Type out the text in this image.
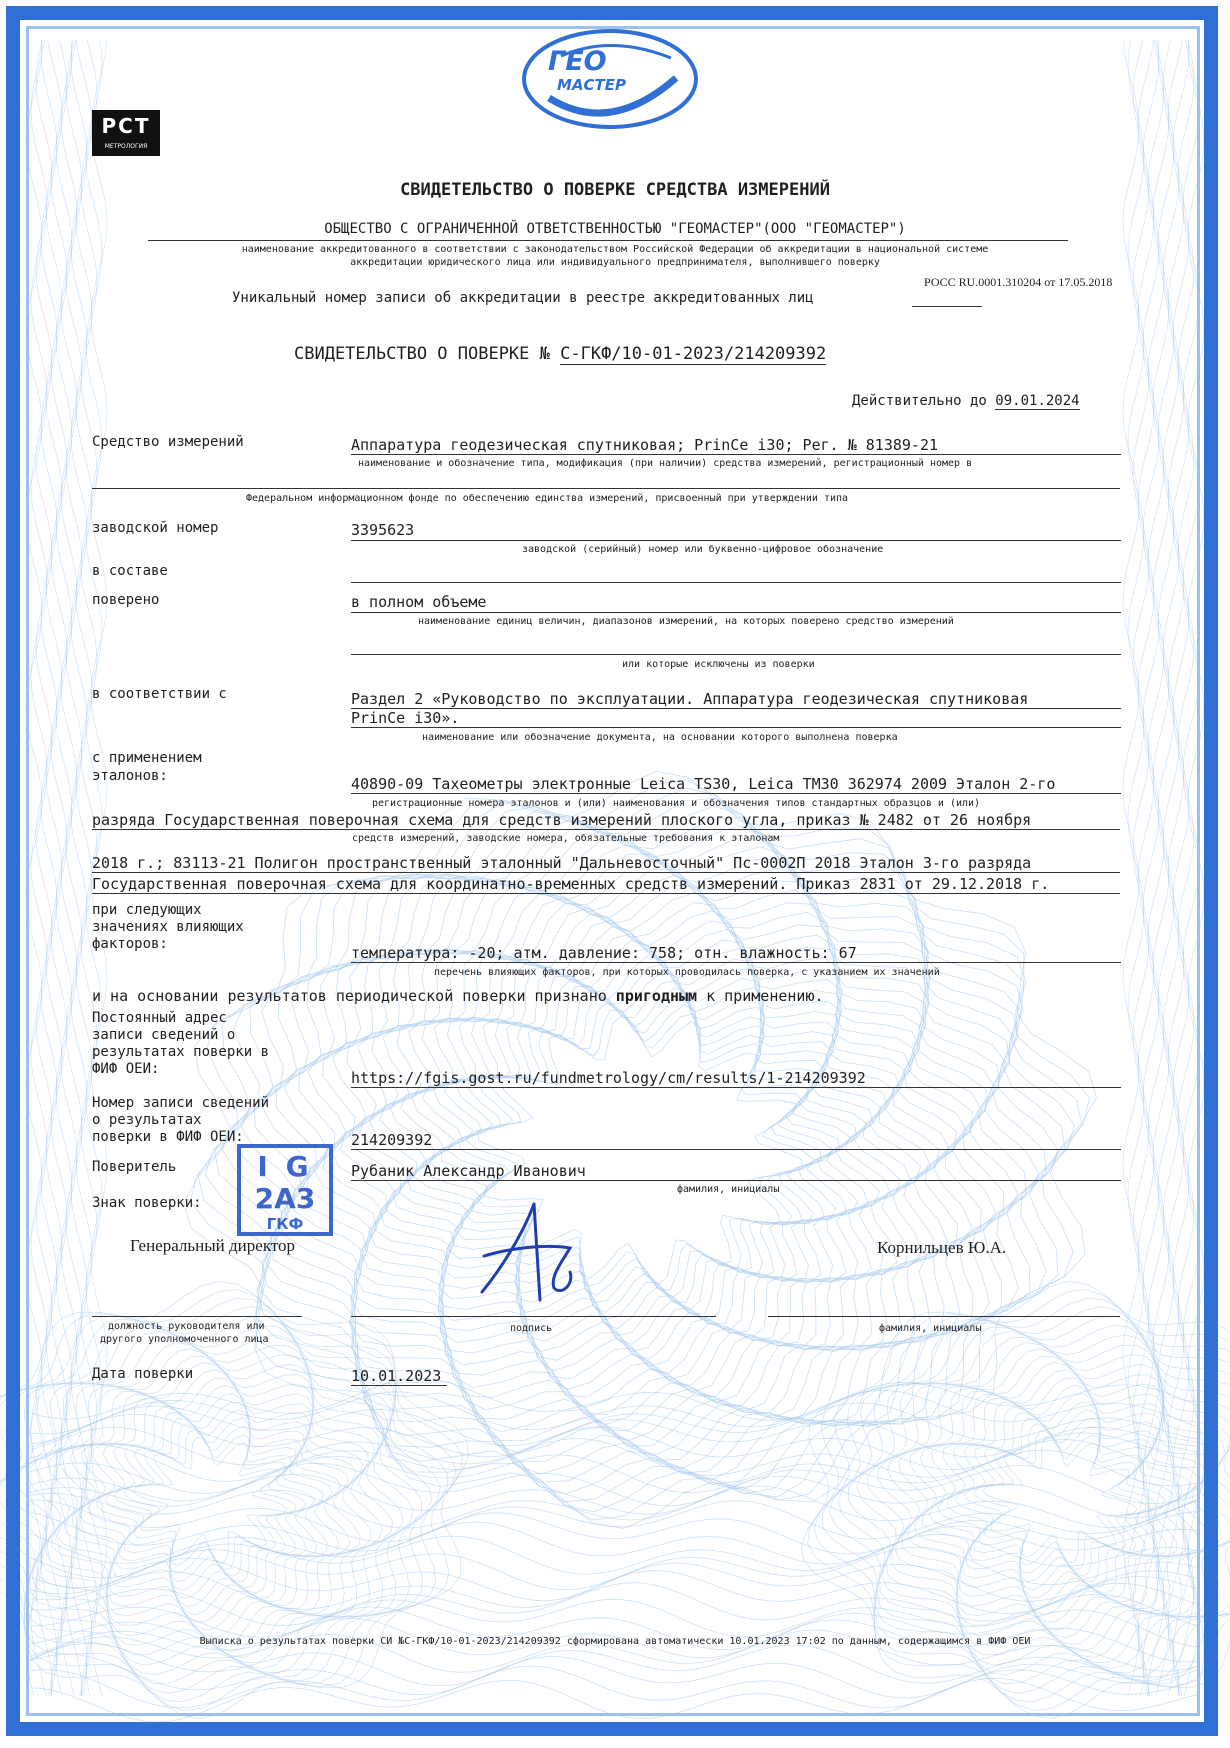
ГЕО
МАСТЕР
РСТ
МЕТРОЛОГИЯ
СВИДЕТЕЛЬСТВО О ПОВЕРКЕ СРЕДСТВА ИЗМЕРЕНИЙ
ОБЩЕСТВО С ОГРАНИЧЕННОЙ ОТВЕТСТВЕННОСТЬЮ "ГЕОМАСТЕР"(ООО "ГЕОМАСТЕР")
наименование аккредитованного в соответствии с законодательством Российской Федерации об аккредитации в национальной системе
аккредитации юридического лица или индивидуального предпринимателя, выполнившего поверку
РОСС RU.0001.310204 от 17.05.2018
Уникальный номер записи об аккредитации в реестре аккредитованных лиц
СВИДЕТЕЛЬСТВО О ПОВЕРКЕ № С-ГКФ/10-01-2023/214209392
Действительно до 09.01.2024
Средство измерений	Аппаратура геодезическая спутниковая; PrinCe i30; Рег. № 81389-21
наименование и обозначение типа, модификация (при наличии) средства измерений, регистрационный номер в
Федеральном информационном фонде по обеспечению единства измерений, присвоенный при утверждении типа
заводской номер	3395623
заводской (серийный) номер или буквенно-цифровое обозначение
в составе
поверено	в полном объеме
наименование единиц величин, диапазонов измерений, на которых поверено средство измерений
или которые исключены из поверки
в соответствии с	Раздел 2 «Руководство по эксплуатации. Аппаратура геодезическая спутниковая
PrinCe i30».
наименование или обозначение документа, на основании которого выполнена поверка
с применением
эталонов:	40890-09 Тахеометры электронные Leica TS30, Leica TM30 362974 2009 Эталон 2-го
регистрационные номера эталонов и (или) наименования и обозначения типов стандартных образцов и (или)
разряда Государственная поверочная схема для средств измерений плоского угла, приказ № 2482 от 26 ноября
средств измерений, заводские номера, обязательные требования к эталонам
2018 г.; 83113-21 Полигон пространственный эталонный "Дальневосточный" Пс-0002П 2018 Эталон 3-го разряда
Государственная поверочная схема для координатно-временных средств измерений. Приказ 2831 от 29.12.2018 г.
при следующих
значениях влияющих
факторов:	температура: -20; атм. давление: 758; отн. влажность: 67
перечень влияющих факторов, при которых проводилась поверка, с указанием их значений
и на основании результатов периодической поверки признано пригодным к применению.
Постоянный адрес
записи сведений о
результатах поверки в
ФИФ ОЕИ:	https://fgis.gost.ru/fundmetrology/cm/results/1-214209392
Номер записи сведений
о результатах
поверки в ФИФ ОЕИ:	214209392
Поверитель	Рубаник Александр Иванович
фамилия, инициалы
Знак поверки:
I G
2А3
ГКФ
Генеральный директор
должность руководителя или
другого уполномоченного лица
подпись
Корнильцев Ю.А.
фамилия, инициалы
Дата поверки	10.01.2023
Выписка о результатах поверки СИ №С-ГКФ/10-01-2023/214209392 сформирована автоматически 10.01.2023 17:02 по данным, содержащимся в ФИФ ОЕИ
